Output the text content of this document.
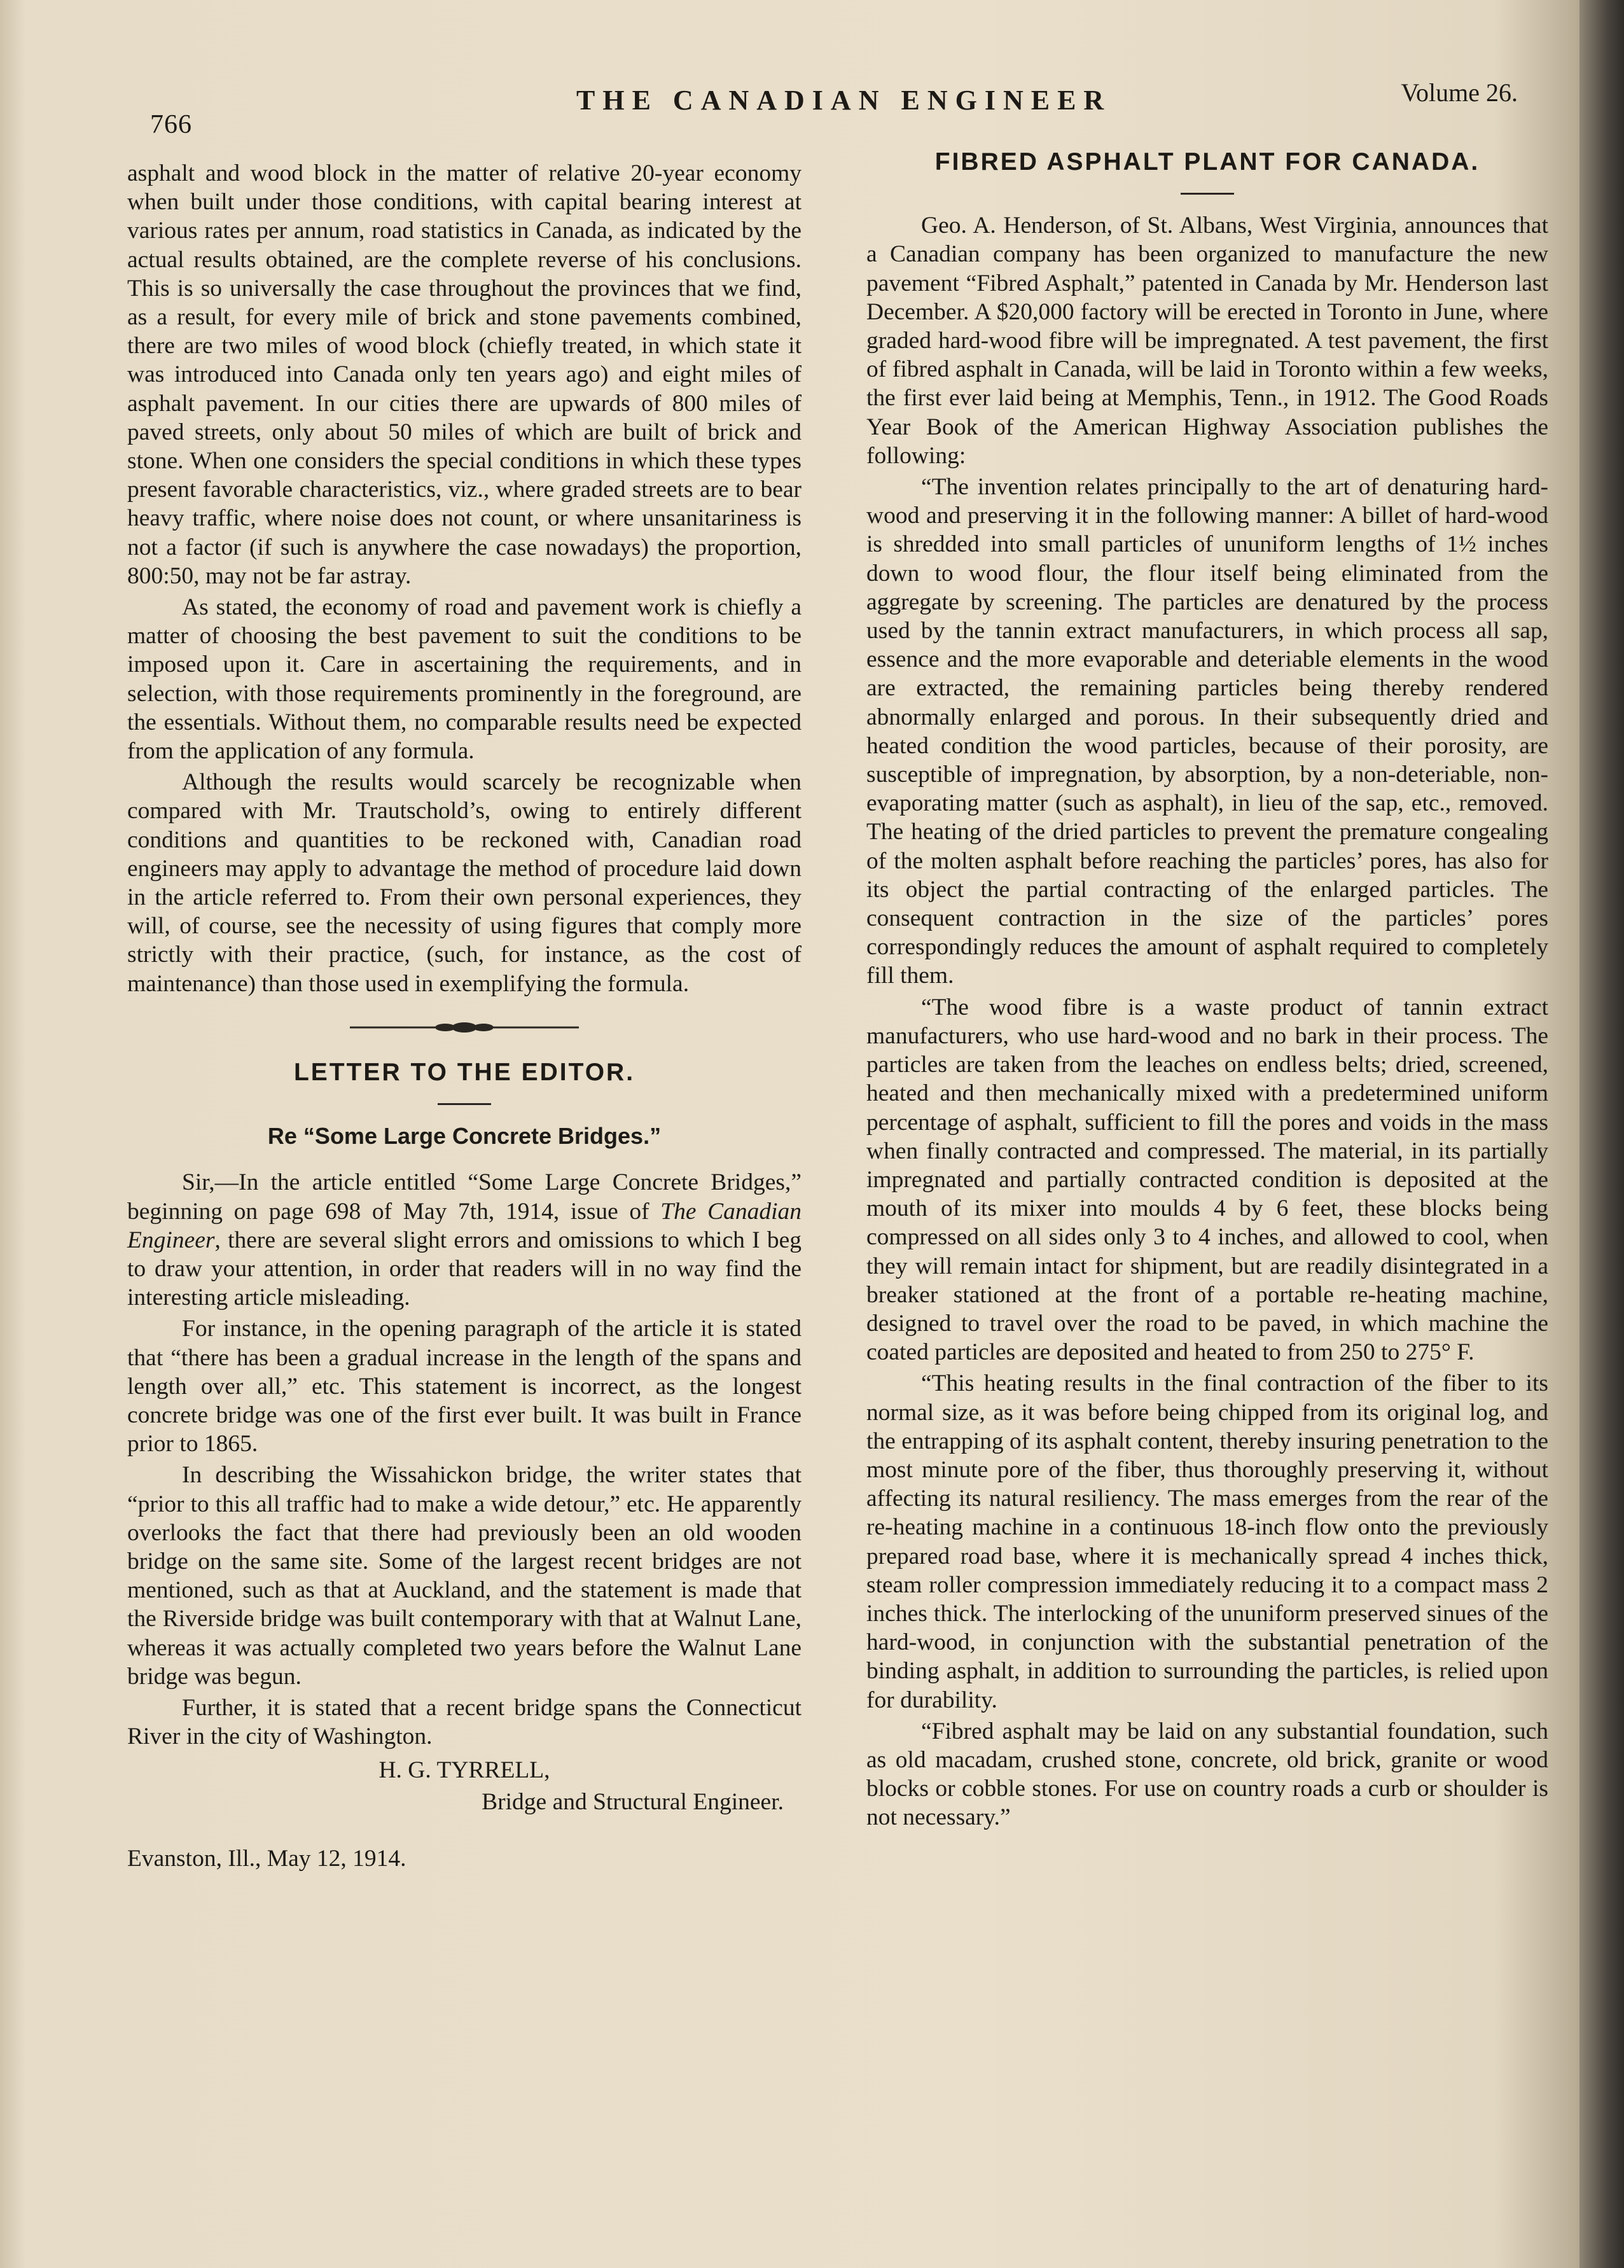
766
THE CANADIAN ENGINEER	Volume 26.

asphalt and wood block in the matter of relative 20-year economy when built under those conditions, with capital bearing interest at various rates per annum, road statistics in Canada, as indicated by the actual results obtained, are the complete reverse of his conclusions. This is so universally the case throughout the provinces that we find, as a result, for every mile of brick and stone pavements combined, there are two miles of wood block (chiefly treated, in which state it was introduced into Canada only ten years ago) and eight miles of asphalt pavement. In our cities there are upwards of 800 miles of paved streets, only about 50 miles of which are built of brick and stone. When one considers the special conditions in which these types present favorable characteristics, viz., where graded streets are to bear heavy traffic, where noise does not count, or where unsanitariness is not a factor (if such is anywhere the case nowadays) the proportion, 800:50, may not be far astray.

As stated, the economy of road and pavement work is chiefly a matter of choosing the best pavement to suit the conditions to be imposed upon it. Care in ascertaining the requirements, and in selection, with those requirements prominently in the foreground, are the essentials. Without them, no comparable results need be expected from the application of any formula.

Although the results would scarcely be recognizable when compared with Mr. Trautschold’s, owing to entirely different conditions and quantities to be reckoned with, Canadian road engineers may apply to advantage the method of procedure laid down in the article referred to. From their own personal experiences, they will, of course, see the necessity of using figures that comply more strictly with their practice, (such, for instance, as the cost of maintenance) than those used in exemplifying the formula.

LETTER TO THE EDITOR.
Re “Some Large Concrete Bridges.”

Sir,—In the article entitled “Some Large Concrete Bridges,” beginning on page 698 of May 7th, 1914, issue of The Canadian Engineer, there are several slight errors and omissions to which I beg to draw your attention, in order that readers will in no way find the interesting article misleading.

For instance, in the opening paragraph of the article it is stated that “there has been a gradual increase in the length of the spans and length over all,” etc. This statement is incorrect, as the longest concrete bridge was one of the first ever built. It was built in France prior to 1865.

In describing the Wissahickon bridge, the writer states that “prior to this all traffic had to make a wide detour,” etc. He apparently overlooks the fact that there had previously been an old wooden bridge on the same site. Some of the largest recent bridges are not mentioned, such as that at Auckland, and the statement is made that the Riverside bridge was built contemporary with that at Walnut Lane, whereas it was actually completed two years before the Walnut Lane bridge was begun.

Further, it is stated that a recent bridge spans the Connecticut River in the city of Washington.

H. G. TYRRELL,

Bridge and Structural Engineer.

Evanston, Ill., May 12, 1914.

FIBRED ASPHALT PLANT FOR CANADA.

Geo. A. Henderson, of St. Albans, West Virginia, announces that a Canadian company has been organized to manufacture the new pavement “Fibred Asphalt,” patented in Canada by Mr. Henderson last December. A $20,000 factory will be erected in Toronto in June, where graded hard-wood fibre will be impregnated. A test pavement, the first of fibred asphalt in Canada, will be laid in Toronto within a few weeks, the first ever laid being at Memphis, Tenn., in 1912. The Good Roads Year Book of the American Highway Association publishes the following:

“The invention relates principally to the art of denaturing hard-wood and preserving it in the following manner: A billet of hard-wood is shredded into small particles of ununiform lengths of 1½ inches down to wood flour, the flour itself being eliminated from the aggregate by screening. The particles are denatured by the process used by the tannin extract manufacturers, in which process all sap, essence and the more evaporable and deteriable elements in the wood are extracted, the remaining particles being thereby rendered abnormally enlarged and porous. In their subsequently dried and heated condition the wood particles, because of their porosity, are susceptible of impregnation, by absorption, by a non-deteriable, non-evaporating matter (such as asphalt), in lieu of the sap, etc., removed. The heating of the dried particles to prevent the premature congealing of the molten asphalt before reaching the particles’ pores, has also for its object the partial contracting of the enlarged particles. The consequent contraction in the size of the particles’ pores correspondingly reduces the amount of asphalt required to completely fill them.

“The wood fibre is a waste product of tannin extract manufacturers, who use hard-wood and no bark in their process. The particles are taken from the leaches on endless belts; dried, screened, heated and then mechanically mixed with a predetermined uniform percentage of asphalt, sufficient to fill the pores and voids in the mass when finally contracted and compressed. The material, in its partially impregnated and partially contracted condition is deposited at the mouth of its mixer into moulds 4 by 6 feet, these blocks being compressed on all sides only 3 to 4 inches, and allowed to cool, when they will remain intact for shipment, but are readily disintegrated in a breaker stationed at the front of a portable re-heating machine, designed to travel over the road to be paved, in which machine the coated particles are deposited and heated to from 250 to 275° F.

“This heating results in the final contraction of the fiber to its normal size, as it was before being chipped from its original log, and the entrapping of its asphalt content, thereby insuring penetration to the most minute pore of the fiber, thus thoroughly preserving it, without affecting its natural resiliency. The mass emerges from the rear of the re-heating machine in a continuous 18-inch flow onto the previously prepared road base, where it is mechanically spread 4 inches thick, steam roller compression immediately reducing it to a compact mass 2 inches thick. The interlocking of the ununiform preserved sinues of the hard-wood, in conjunction with the substantial penetration of the binding asphalt, in addition to surrounding the particles, is relied upon for durability.

“Fibred asphalt may be laid on any substantial foundation, such as old macadam, crushed stone, concrete, old brick, granite or wood blocks or cobble stones. For use on country roads a curb or shoulder is not necessary.”
